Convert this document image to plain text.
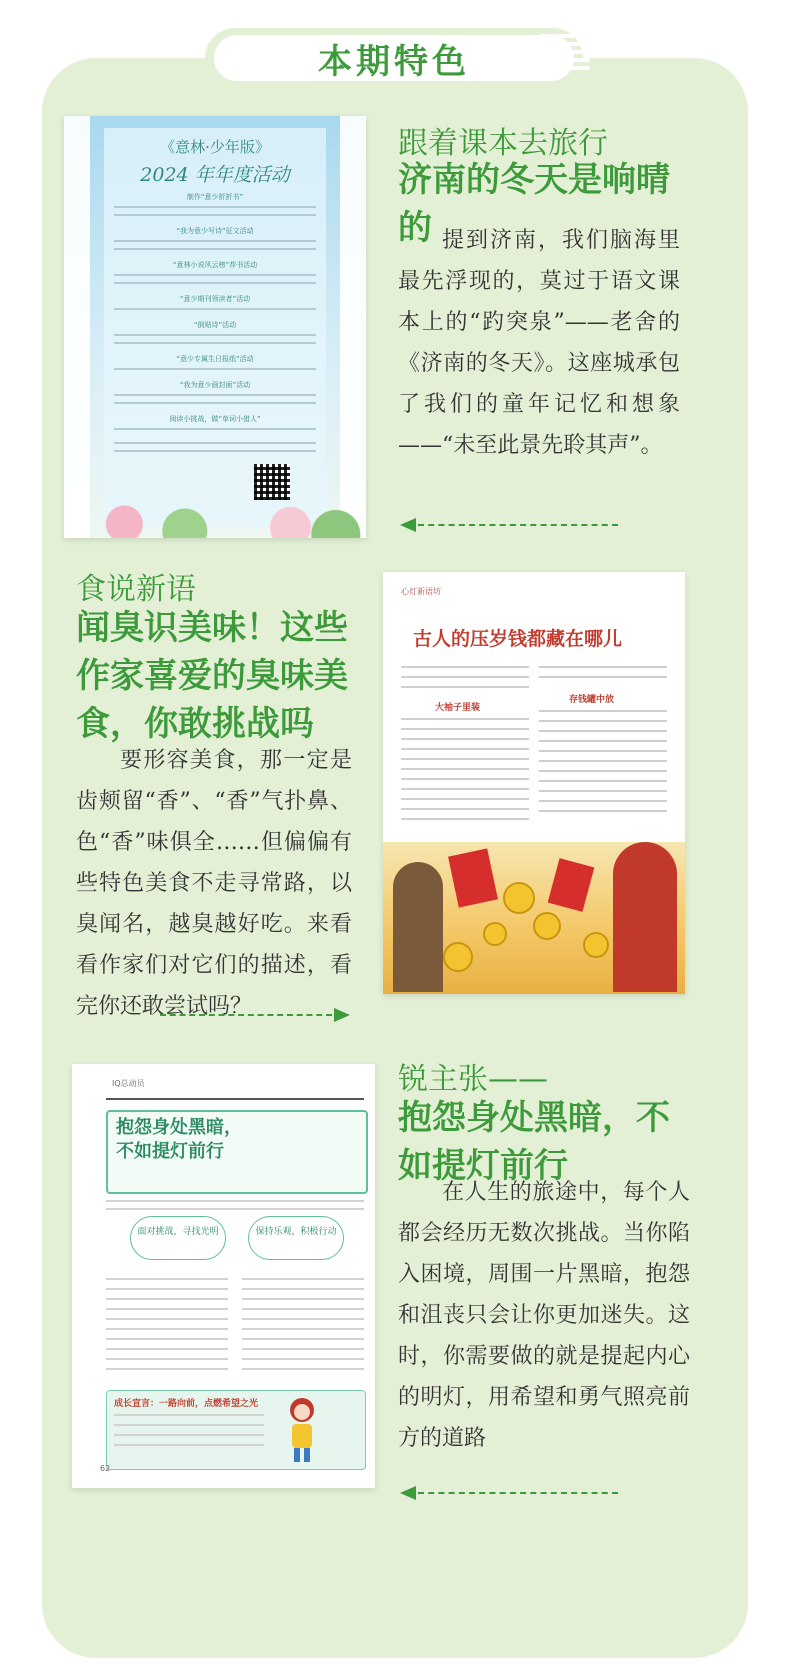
本期特色
《意林·少年版》
2024 年年度活动
制作“意少折折书”
“我为意少写诗”征文活动
“意林小说风云榜”荐书活动
“意少期刊领读者”活动
“倒贴诗”活动
“意少专属生日报纸”活动
“我为意少画封面”活动
阅读小挑战，做“单词小猎人”
跟着课本去旅行
济南的冬天是响晴的 提到济南，我们脑海里最先浮现的，莫过于语文课本上的“趵突泉”——老舍的《济南的冬天》。这座城承包了我们的童年记忆和想象——“未至此景先聆其声”。
食说新语
闻臭识美味！这些作家喜爱的臭味美食，你敢挑战吗
要形容美食，那一定是齿颊留“香”、“香”气扑鼻、色“香”味俱全……但偏偏有些特色美食不走寻常路，以臭闻名，越臭越好吃。来看看作家们对它们的描述，看完你还敢尝试吗？
心灯新语坊
古人的压岁钱都藏在哪儿
大袖子里装
存钱罐中放
IQ总动员
抱怨身处黑暗，
不如提灯前行
面对挑战，寻找光明	保持乐观，积极行动
成长宣言：一路向前，点燃希望之光
62
锐主张——
抱怨身处黑暗，不如提灯前行
在人生的旅途中，每个人都会经历无数次挑战。当你陷入困境，周围一片黑暗，抱怨和沮丧只会让你更加迷失。这时，你需要做的就是提起内心的明灯，用希望和勇气照亮前方的道路
